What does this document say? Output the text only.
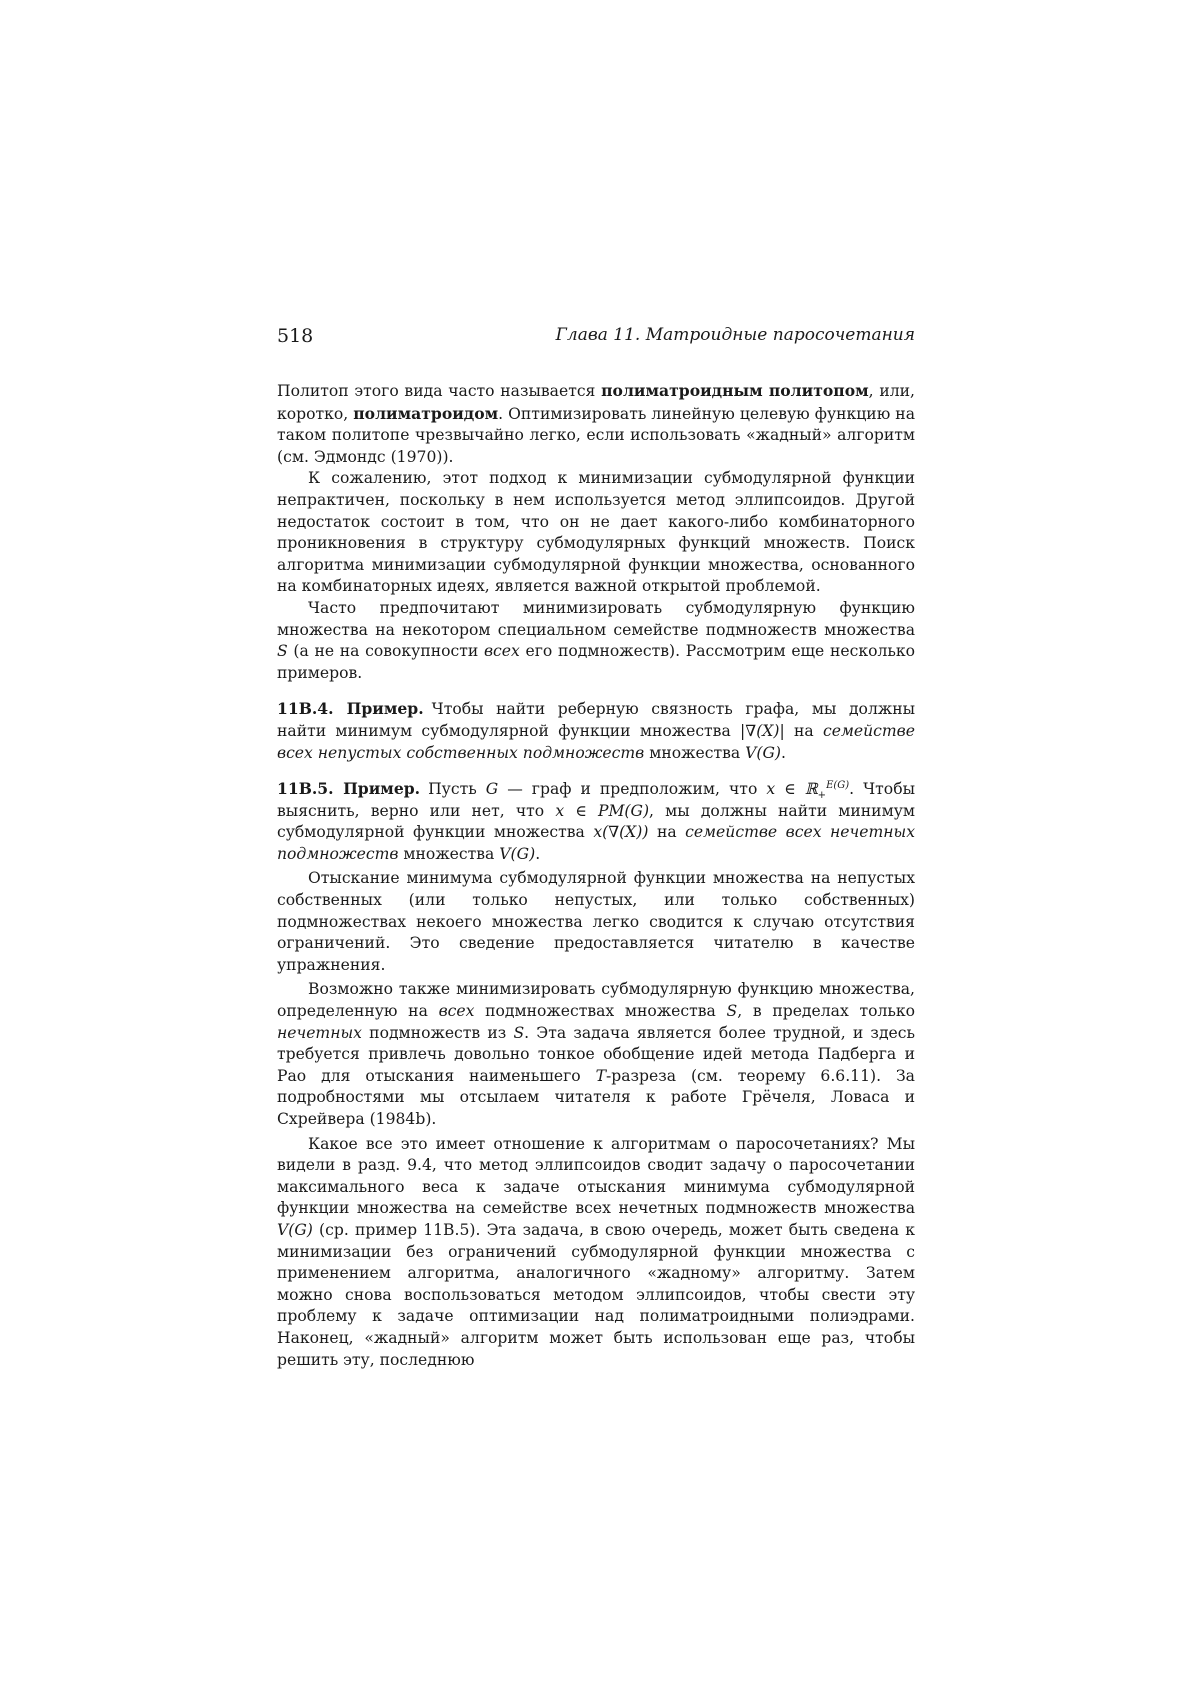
518	Глава 11. Матроидные паросочетания

Политоп этого вида часто называется полиматроидным политопом, или, коротко, полиматроидом. Оптимизировать линейную целевую функцию на таком политопе чрезвычайно легко, если использовать «жадный» алгоритм (см. Эдмондс (1970)).

К сожалению, этот подход к минимизации субмодулярной функции непрактичен, поскольку в нем используется метод эллипсоидов. Другой недостаток состоит в том, что он не дает какого-либо комбинаторного проникновения в структуру субмодулярных функций множеств. Поиск алгоритма минимизации субмодулярной функции множества, основанного на комбинаторных идеях, является важной открытой проблемой.

Часто предпочитают минимизировать субмодулярную функцию множества на некотором специальном семействе подмножеств множества S (а не на совокупности всех его подмножеств). Рассмотрим еще несколько примеров.

11B.4. Пример. Чтобы найти реберную связность графа, мы должны найти минимум субмодулярной функции множества |∇(X)| на семействе всех непустых собственных подмножеств множества V(G).

11B.5. Пример. Пусть G — граф и предположим, что x ∈ ℝ$_+^{E(G)}$. Чтобы выяснить, верно или нет, что x ∈ PM(G), мы должны найти минимум субмодулярной функции множества x(∇(X)) на семействе всех нечетных подмножеств множества V(G).

Отыскание минимума субмодулярной функции множества на непустых собственных (или только непустых, или только собственных) подмножествах некоего множества легко сводится к случаю отсутствия ограничений. Это сведение предоставляется читателю в качестве упражнения.

Возможно также минимизировать субмодулярную функцию множества, определенную на всех подмножествах множества S, в пределах только нечетных подмножеств из S. Эта задача является более трудной, и здесь требуется привлечь довольно тонкое обобщение идей метода Падберга и Рао для отыскания наименьшего T-разреза (см. теорему 6.6.11). За подробностями мы отсылаем читателя к работе Грёчеля, Ловаса и Схрейвера (1984b).

Какое все это имеет отношение к алгоритмам о паросочетаниях? Мы видели в разд. 9.4, что метод эллипсоидов сводит задачу о паросочетании максимального веса к задаче отыскания минимума субмодулярной функции множества на семействе всех нечетных подмножеств множества V(G) (ср. пример 11B.5). Эта задача, в свою очередь, может быть сведена к минимизации без ограничений субмодулярной функции множества с применением алгоритма, аналогичного «жадному» алгоритму. Затем можно снова воспользоваться методом эллипсоидов, чтобы свести эту проблему к задаче оптимизации над полиматроидными полиэдрами. Наконец, «жадный» алгоритм может быть использован еще раз, чтобы решить эту, последнюю
